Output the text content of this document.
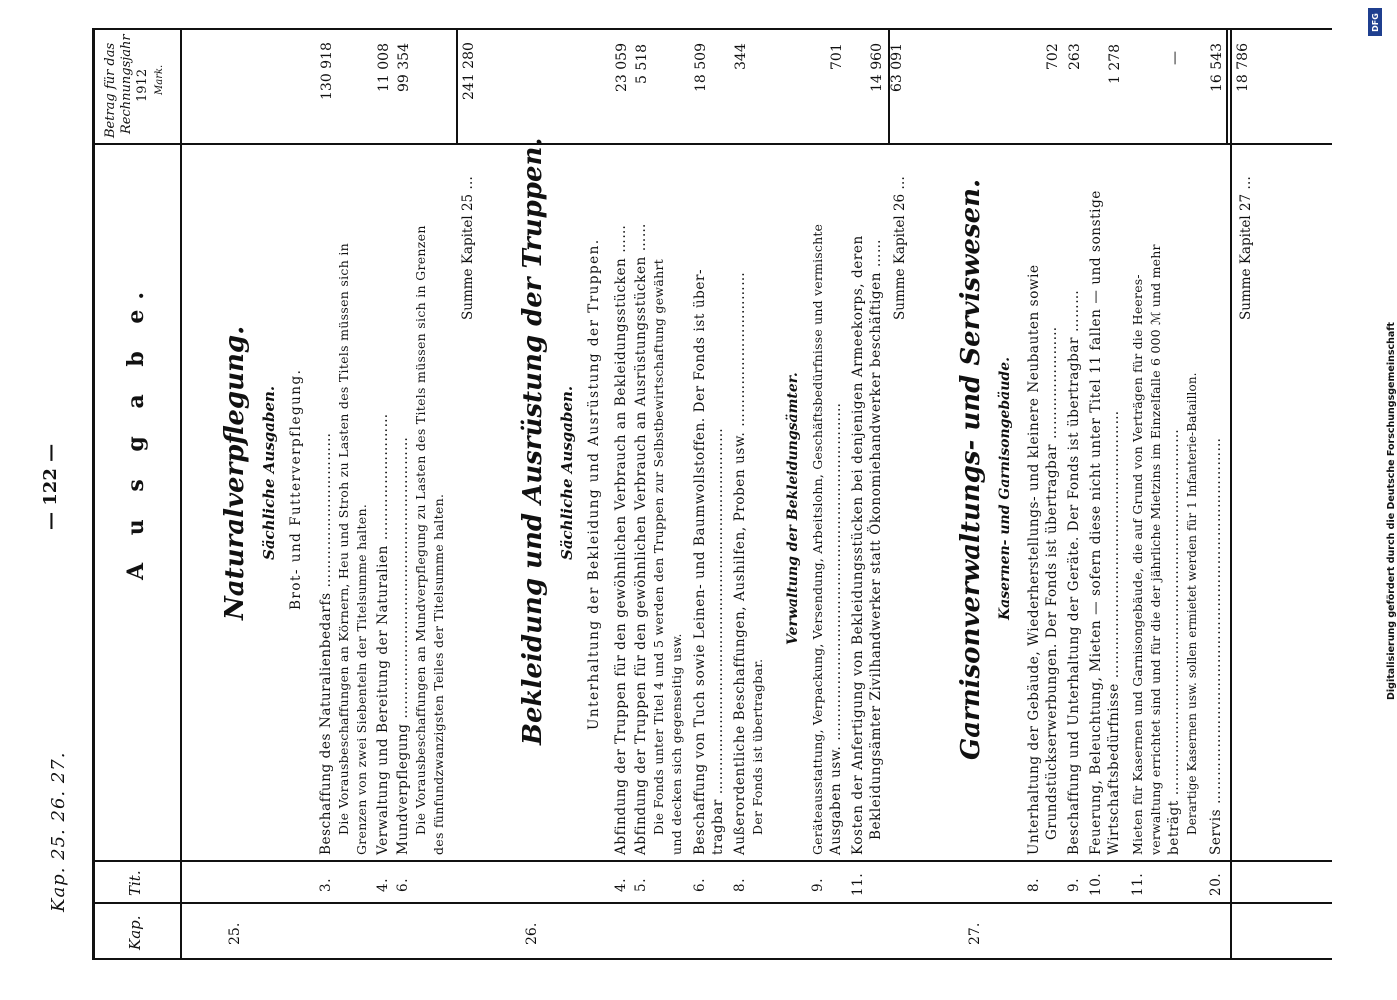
Kap. 25. 26. 27.
— 122 —
Kap.
Tit.
A u s g a b e.
Betrag für das Rechnungsjahr 1912 Mark.
25.
Naturalverpflegung. Sächliche Ausgaben. Brot- und Futterverpflegung.
3.
Beschaffung des Naturalienbedarfs …………………………… Die Vorausbeschaffungen an Körnern, Heu und Stroh zu Lasten des Titels müssen sich in Grenzen von zwei Siebenteln der Titelsumme halten.
130 918
4.
Verwaltung und Bereitung der Naturalien ………………………
11 008
6.
Mundverpflegung …………………………………………………… Die Vorausbeschaffungen an Mundverpflegung zu Lasten des Titels müssen sich in Grenzen des fünfundzwanzigsten Teiles der Titelsumme halten.
99 354
Summe Kapitel 25 …
241 280
26.
Bekleidung und Ausrüstung der Truppen. Sächliche Ausgaben. Unterhaltung der Bekleidung und Ausrüstung der Truppen.
4.
Abfindung der Truppen für den gewöhnlichen Verbrauch an Bekleidungsstücken ……
23 059
5.
Abfindung der Truppen für den gewöhnlichen Verbrauch an Ausrüstungsstücken …… Die Fonds unter Titel 4 und 5 werden den Truppen zur Selbstbewirtschaftung gewährt und decken sich gegenseitig usw.
5 518
6.
Beschaffung von Tuch sowie Leinen- und Baumwollstoffen. Der Fonds ist über- tragbar ……………………………………………………………………
18 509
8.
Außerordentliche Beschaffungen, Aushilfen, Proben usw. …………………………… Der Fonds ist übertragbar.
344
Verwaltung der Bekleidungsämter.
9.
Geräteausstattung, Verpackung, Versendung, Arbeitslohn, Geschäftsbedürfnisse und vermischte Ausgaben usw. ………………………………………………………………
701
11.
Kosten der Anfertigung von Bekleidungsstücken bei denjenigen Armeekorps, deren Bekleidungsämter Zivilhandwerker statt Ökonomiehandwerker beschäftigen ……
14 960
Summe Kapitel 26 …
63 091
27.
Garnisonverwaltungs- und Serviswesen. Kasernen- und Garnisongebäude.
8.
Unterhaltung der Gebäude, Wiederherstellungs- und kleinere Neubauten sowie Grundstückserwerbungen. Der Fonds ist übertragbar ……………………
702
9.
Beschaffung und Unterhaltung der Geräte. Der Fonds ist übertragbar ………
263
10.
Feuerung, Beleuchtung, Mieten — sofern diese nicht unter Titel 11 fallen — und sonstige Wirtschaftsbedürfnisse …………………………………………………
1 278
11.
Mieten für Kasernen und Garnisongebäude, die auf Grund von Verträgen für die Heeres- verwaltung errichtet sind und für die der jährliche Mietzins im Einzelfalle 6 000 ℳ und mehr beträgt …………………………………………………………………… Derartige Kasernen usw. sollen ermietet werden für 1 Infanterie-Bataillon.
—
20.
Servis ……………………………………………………………………
16 543
Summe Kapitel 27 …
18 786
DFG
Digitalisierung gefördert durch die Deutsche Forschungsgemeinschaft
